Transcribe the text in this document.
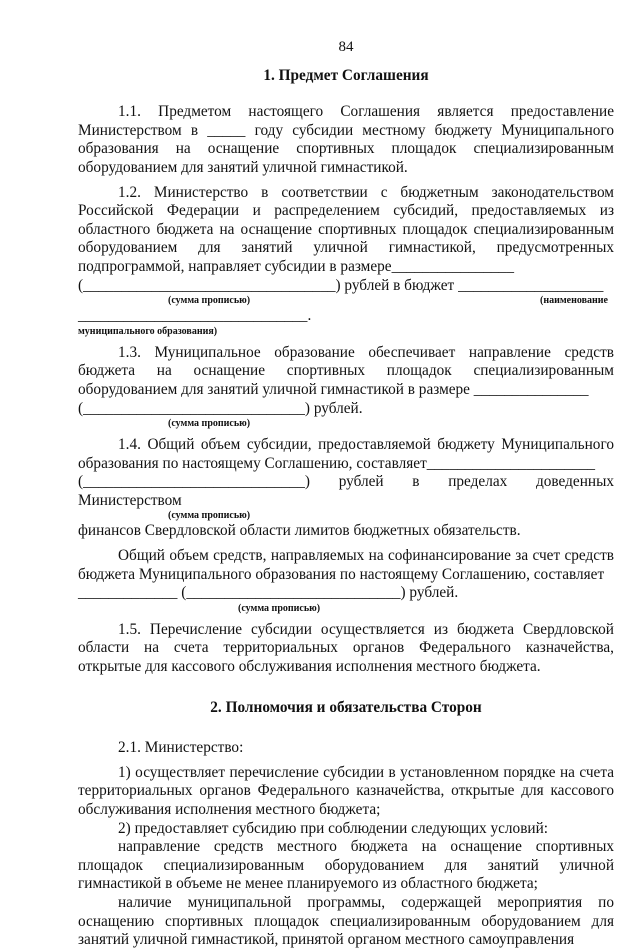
84
1. Предмет Соглашения

1.1. Предметом настоящего Соглашения является предоставление Министерством в _____ году субсидии местному бюджету Муниципального образования на оснащение спортивных площадок специализированным оборудованием для занятий уличной гимнастикой.

1.2. Министерство в соответствии с бюджетным законодательством Российской Федерации и распределением субсидий, предоставляемых из областного бюджета на оснащение спортивных площадок специализированным оборудованием для занятий уличной гимнастикой, предусмотренных подпрограммой, направляет субсидии в размере________________

(_________________________________) рублей в бюджет ___________________
(сумма прописью)	(наименование
______________________________.
муниципального образования)

1.3. Муниципальное образование обеспечивает направление средств бюджета на оснащение спортивных площадок специализированным оборудованием для занятий уличной гимнастикой в размере _______________

(_____________________________) рублей.
(сумма прописью)

1.4. Общий объем субсидии, предоставляемой бюджету Муниципального образования по настоящему Соглашению, составляет______________________

(_____________________________) рублей в пределах доведенных Министерством
(сумма прописью)
финансов Свердловской области лимитов бюджетных обязательств.

Общий объем средств, направляемых на софинансирование за счет средств бюджета Муниципального образования по настоящему Соглашению, составляет

_____________ (____________________________) рублей.
(сумма прописью)

1.5. Перечисление субсидии осуществляется из бюджета Свердловской области на счета территориальных органов Федерального казначейства, открытые для кассового обслуживания исполнения местного бюджета.

2. Полномочия и обязательства Сторон

2.1. Министерство:

1) осуществляет перечисление субсидии в установленном порядке на счета территориальных органов Федерального казначейства, открытые для кассового обслуживания исполнения местного бюджета;

2) предоставляет субсидию при соблюдении следующих условий:

направление средств местного бюджета на оснащение спортивных площадок специализированным оборудованием для занятий уличной гимнастикой в объеме не менее планируемого из областного бюджета;

наличие муниципальной программы, содержащей мероприятия по оснащению спортивных площадок специализированным оборудованием для занятий уличной гимнастикой, принятой органом местного самоуправления
